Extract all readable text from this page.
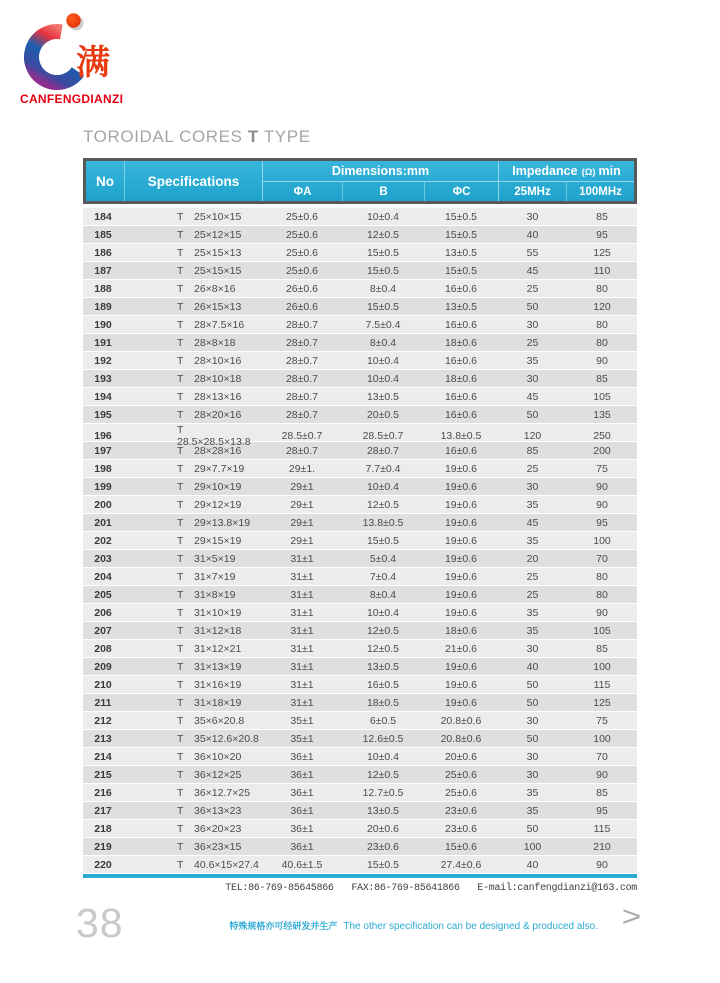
满
CANFENGDIANZI
TOROIDAL CORES T TYPE
No	Specifications
Dimensions:mm	Impedance (Ω) min
ΦA	B	ΦC	25MHz	100MHz
184	T 25×10×15	25±0.6	10±0.4	15±0.5	30	85
185	T 25×12×15	25±0.6	12±0.5	15±0.5	40	95
186	T 25×15×13	25±0.6	15±0.5	13±0.5	55	125
187	T 25×15×15	25±0.6	15±0.5	15±0.5	45	110
188	T 26×8×16	26±0.6	8±0.4	16±0.6	25	80
189	T 26×15×13	26±0.6	15±0.5	13±0.5	50	120
190	T 28×7.5×16	28±0.7	7.5±0.4	16±0.6	30	80
191	T 28×8×18	28±0.7	8±0.4	18±0.6	25	80
192	T 28×10×16	28±0.7	10±0.4	16±0.6	35	90
193	T 28×10×18	28±0.7	10±0.4	18±0.6	30	85
194	T 28×13×16	28±0.7	13±0.5	16±0.6	45	105
195	T 28×20×16	28±0.7	20±0.5	16±0.6	50	135
196	T28.5×28.5×13.8	28.5±0.7	28.5±0.7	13.8±0.5	120	250
197	T 28×28×16	28±0.7	28±0.7	16±0.6	85	200
198	T 29×7.7×19	29±1.	7.7±0.4	19±0.6	25	75
199	T 29×10×19	29±1	10±0.4	19±0.6	30	90
200	T 29×12×19	29±1	12±0.5	19±0.6	35	90
201	T 29×13.8×19	29±1	13.8±0.5	19±0.6	45	95
202	T 29×15×19	29±1	15±0.5	19±0.6	35	100
203	T 31×5×19	31±1	5±0.4	19±0.6	20	70
204	T 31×7×19	31±1	7±0.4	19±0.6	25	80
205	T 31×8×19	31±1	8±0.4	19±0.6	25	80
206	T 31×10×19	31±1	10±0.4	19±0.6	35	90
207	T 31×12×18	31±1	12±0.5	18±0.6	35	105
208	T 31×12×21	31±1	12±0.5	21±0.6	30	85
209	T 31×13×19	31±1	13±0.5	19±0.6	40	100
210	T 31×16×19	31±1	16±0.5	19±0.6	50	115
211	T 31×18×19	31±1	18±0.5	19±0.6	50	125
212	T 35×6×20.8	35±1	6±0.5	20.8±0.6	30	75
213	T 35×12.6×20.8	35±1	12.6±0.5	20.8±0.6	50	100
214	T 36×10×20	36±1	10±0.4	20±0.6	30	70
215	T 36×12×25	36±1	12±0.5	25±0.6	30	90
216	T 36×12.7×25	36±1	12.7±0.5	25±0.6	35	85
217	T 36×13×23	36±1	13±0.5	23±0.6	35	95
218	T 36×20×23	36±1	20±0.6	23±0.6	50	115
219	T 36×23×15	36±1	23±0.6	15±0.6	100	210
220	T 40.6×15×27.4	40.6±1.5	15±0.5	27.4±0.6	40	90
TEL:86-769-85645866 FAX:86-769-85641866 E-mail:canfengdianzi@163.com
38	特殊规格亦可经研发并生产 The other specification can be designed & produced also. >
